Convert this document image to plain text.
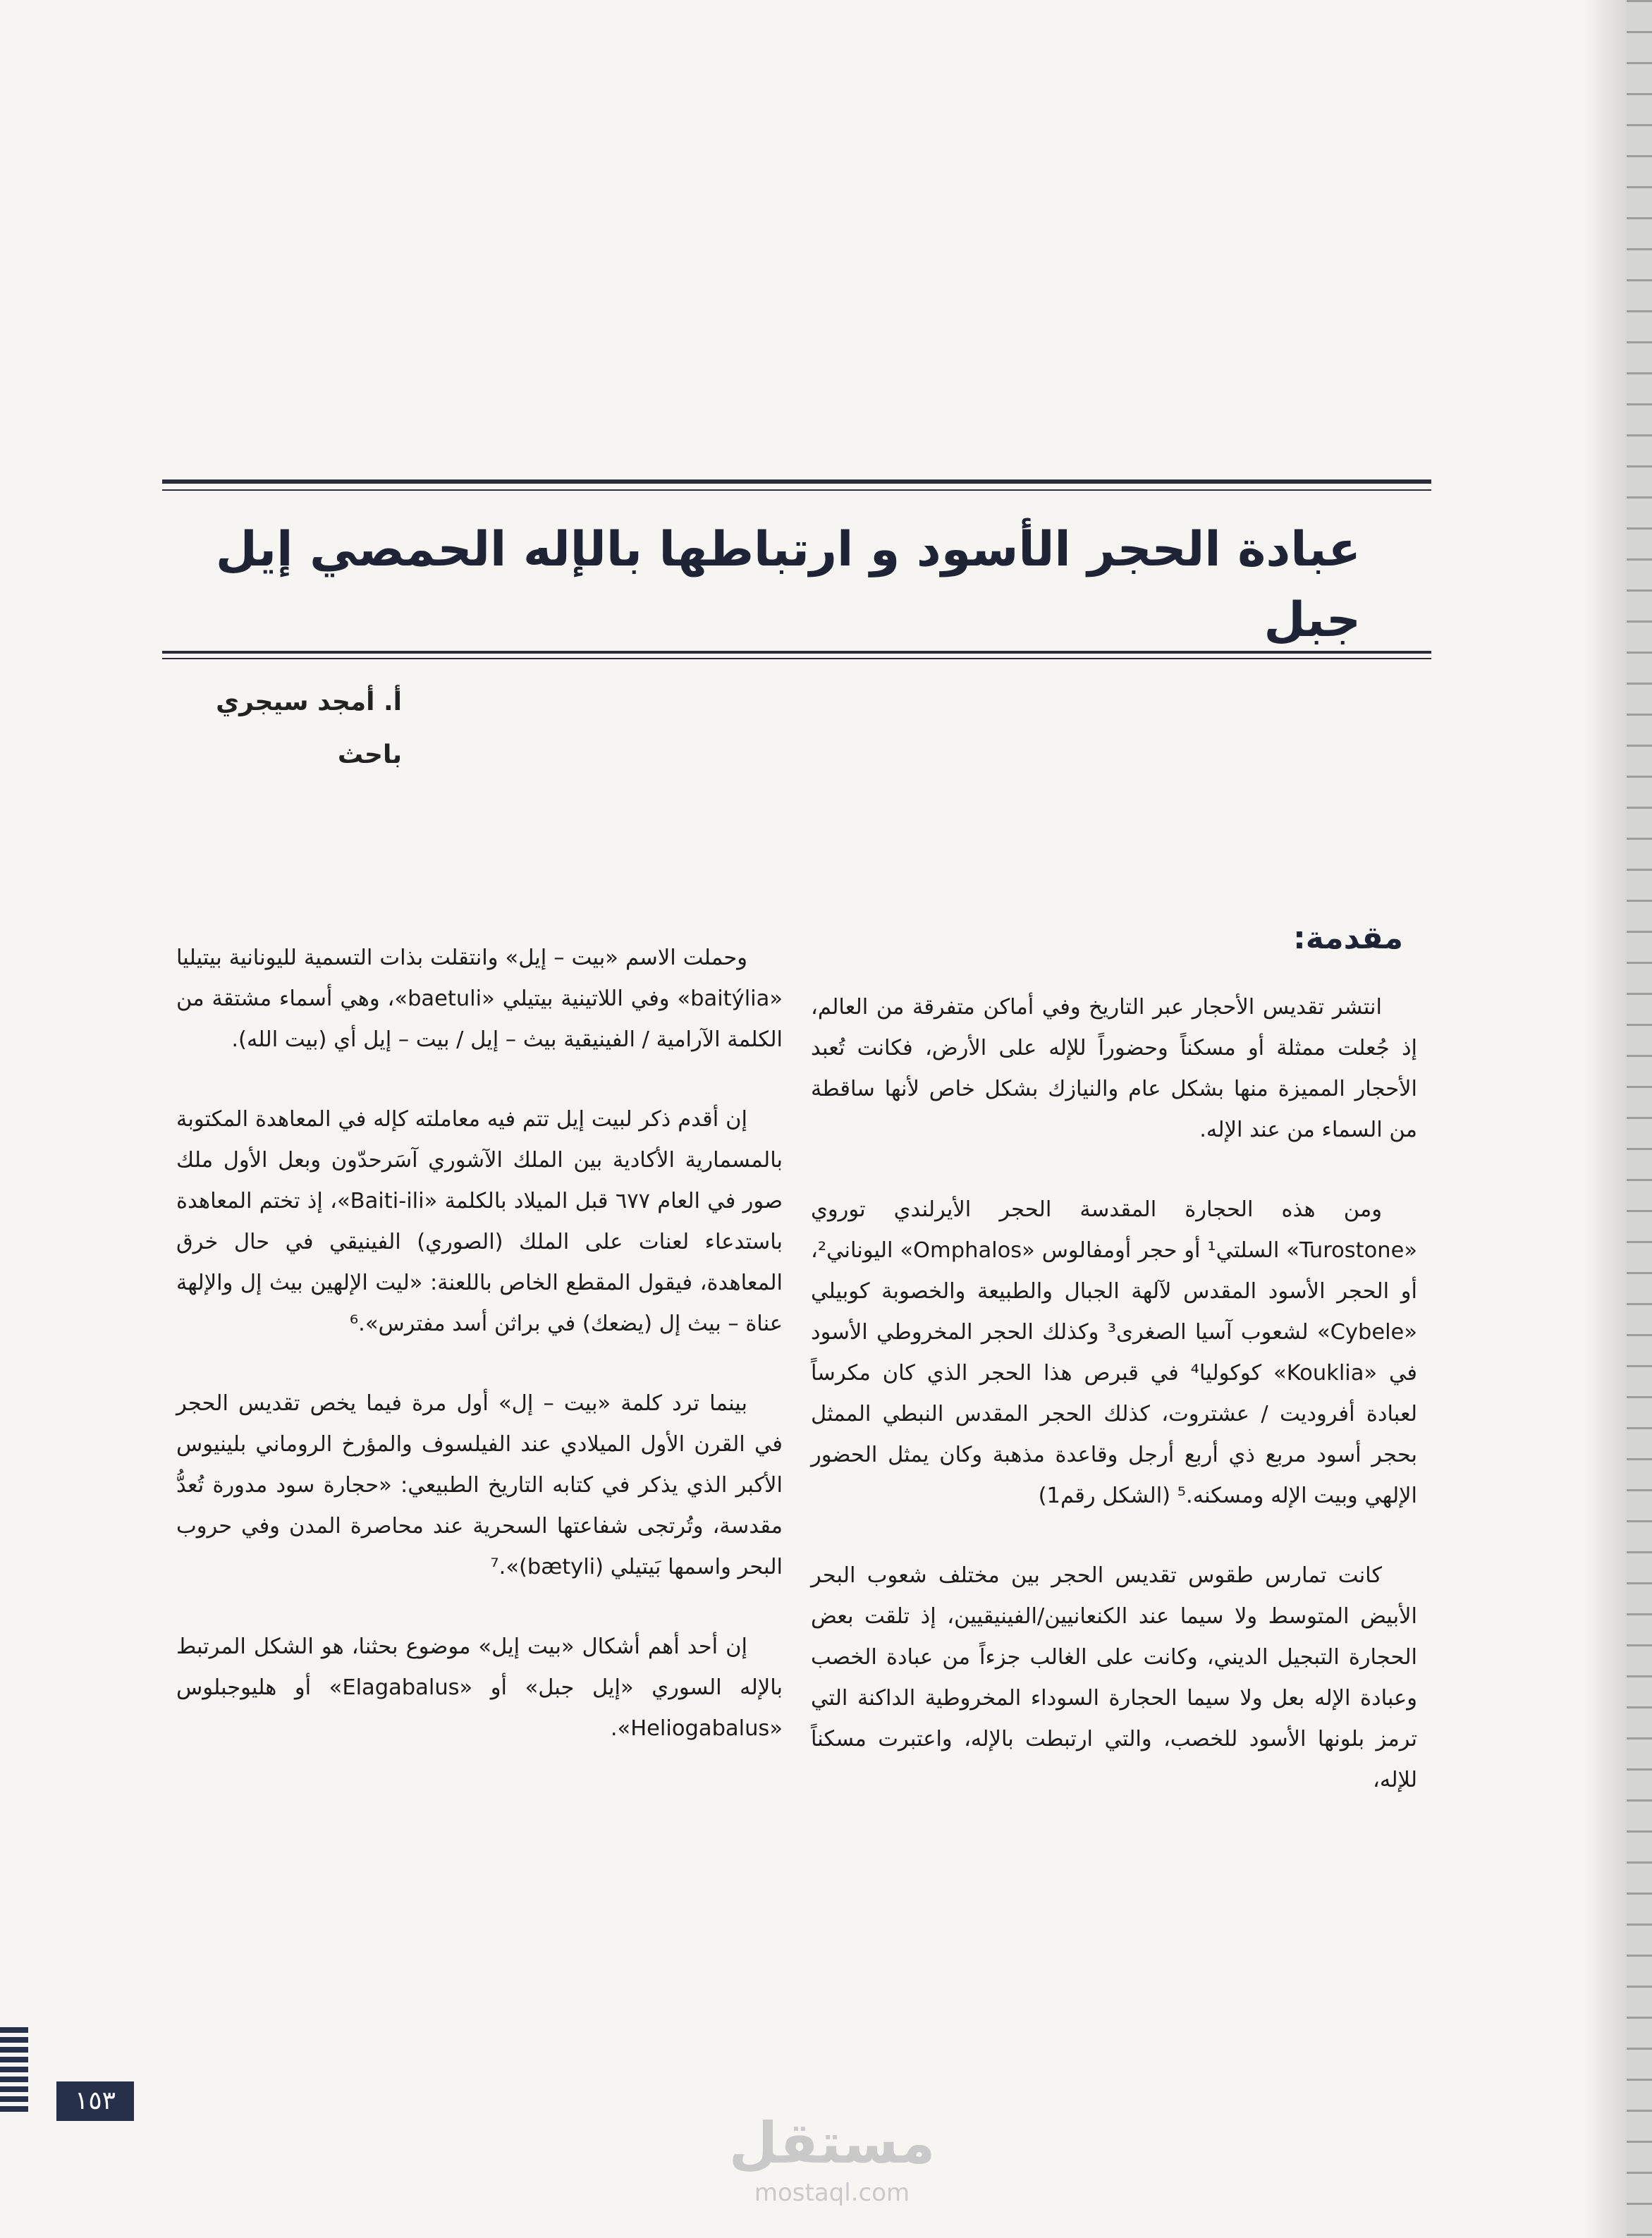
عبادة الحجر الأسود و ارتباطها بالإله الحمصي إيل جبل
أ. أمجد سيجري
باحث
مقدمة:

انتشر تقديس الأحجار عبر التاريخ وفي أماكن متفرقة من العالم، إذ جُعلت ممثلة أو مسكناً وحضوراً للإله على الأرض، فكانت تُعبد الأحجار المميزة منها بشكل عام والنيازك بشكل خاص لأنها ساقطة من السماء من عند الإله.

ومن هذه الحجارة المقدسة الحجر الأيرلندي توروي «Turostone» السلتي¹ أو حجر أومفالوس «Omphalos» اليوناني²، أو الحجر الأسود المقدس لآلهة الجبال والطبيعة والخصوبة كوبيلي «Cybele» لشعوب آسيا الصغرى³ وكذلك الحجر المخروطي الأسود في «Kouklia» كوكوليا⁴ في قبرص هذا الحجر الذي كان مكرساً لعبادة أفروديت / عشتروت، كذلك الحجر المقدس النبطي الممثل بحجر أسود مربع ذي أربع أرجل وقاعدة مذهبة وكان يمثل الحضور الإلهي وبيت الإله ومسكنه.⁵ (الشكل رقم1)

كانت تمارس طقوس تقديس الحجر بين مختلف شعوب البحر الأبيض المتوسط ولا سيما عند الكنعانيين/الفينيقيين، إذ تلقت بعض الحجارة التبجيل الديني، وكانت على الغالب جزءاً من عبادة الخصب وعبادة الإله بعل ولا سيما الحجارة السوداء المخروطية الداكنة التي ترمز بلونها الأسود للخصب، والتي ارتبطت بالإله، واعتبرت مسكناً للإله،

وحملت الاسم «بيت – إيل» وانتقلت بذات التسمية لليونانية بيتيليا «baitýlia» وفي اللاتينية بيتيلي «baetuli»، وهي أسماء مشتقة من الكلمة الآرامية / الفينيقية بيث – إيل / بيت – إيل أي (بيت الله).

إن أقدم ذكر لبيت إيل تتم فيه معاملته كإله في المعاهدة المكتوبة بالمسمارية الأكادية بين الملك الآشوري آسَرحدّون وبعل الأول ملك صور في العام ٦٧٧ قبل الميلاد بالكلمة «Baiti-ili»، إذ تختم المعاهدة باستدعاء لعنات على الملك (الصوري) الفينيقي في حال خرق المعاهدة، فيقول المقطع الخاص باللعنة: «ليت الإلهين بيث إل والإلهة عناة – بيث إل (يضعك) في براثن أسد مفترس».⁶

بينما ترد كلمة «بيت – إل» أول مرة فيما يخص تقديس الحجر في القرن الأول الميلادي عند الفيلسوف والمؤرخ الروماني بلينيوس الأكبر الذي يذكر في كتابه التاريخ الطبيعي: «حجارة سود مدورة تُعدُّ مقدسة، وتُرتجى شفاعتها السحرية عند محاصرة المدن وفي حروب البحر واسمها بَيتيلي (bætyli)».⁷

إن أحد أهم أشكال «بيت إيل» موضوع بحثنا، هو الشكل المرتبط بالإله السوري «إيل جبل» أو «Elagabalus» أو هليوجبلوس «Heliogabalus».

١٥٣
مستقل
mostaql.com
